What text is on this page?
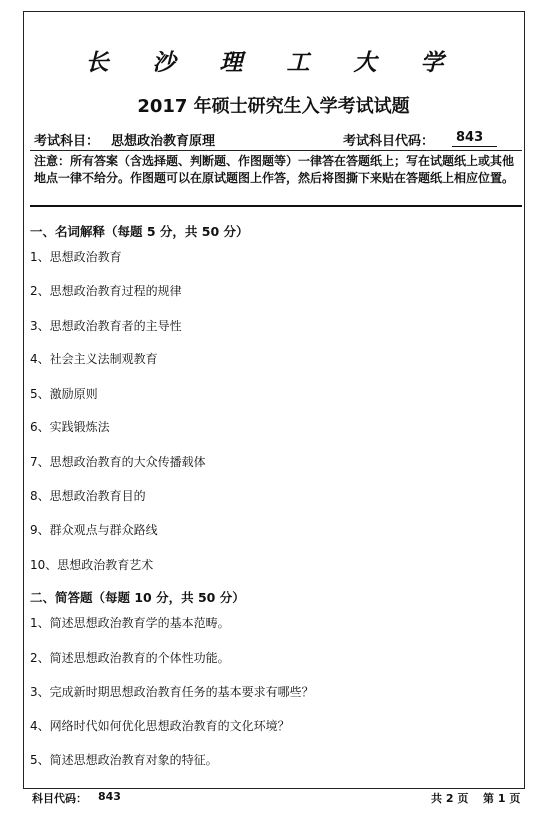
长 沙 理 工 大 学
2017 年硕士研究生入学考试试题
考试科目： 思想政治教育原理	考试科目代码：	843
注意：所有答案（含选择题、判断题、作图题等）一律答在答题纸上；写在试题纸上或其他地点一律不给分。作图题可以在原试题图上作答，然后将图撕下来贴在答题纸上相应位置。
一、名词解释（每题 5 分，共 50 分）
1、思想政治教育
2、思想政治教育过程的规律
3、思想政治教育者的主导性
4、社会主义法制观教育
5、激励原则
6、实践锻炼法
7、思想政治教育的大众传播载体
8、思想政治教育目的
9、群众观点与群众路线
10、思想政治教育艺术
二、简答题（每题 10 分，共 50 分）
1、简述思想政治教育学的基本范畴。
2、简述思想政治教育的个体性功能。
3、完成新时期思想政治教育任务的基本要求有哪些？
4、网络时代如何优化思想政治教育的文化环境？
5、简述思想政治教育对象的特征。
科目代码： 843	共 2 页 第 1 页
